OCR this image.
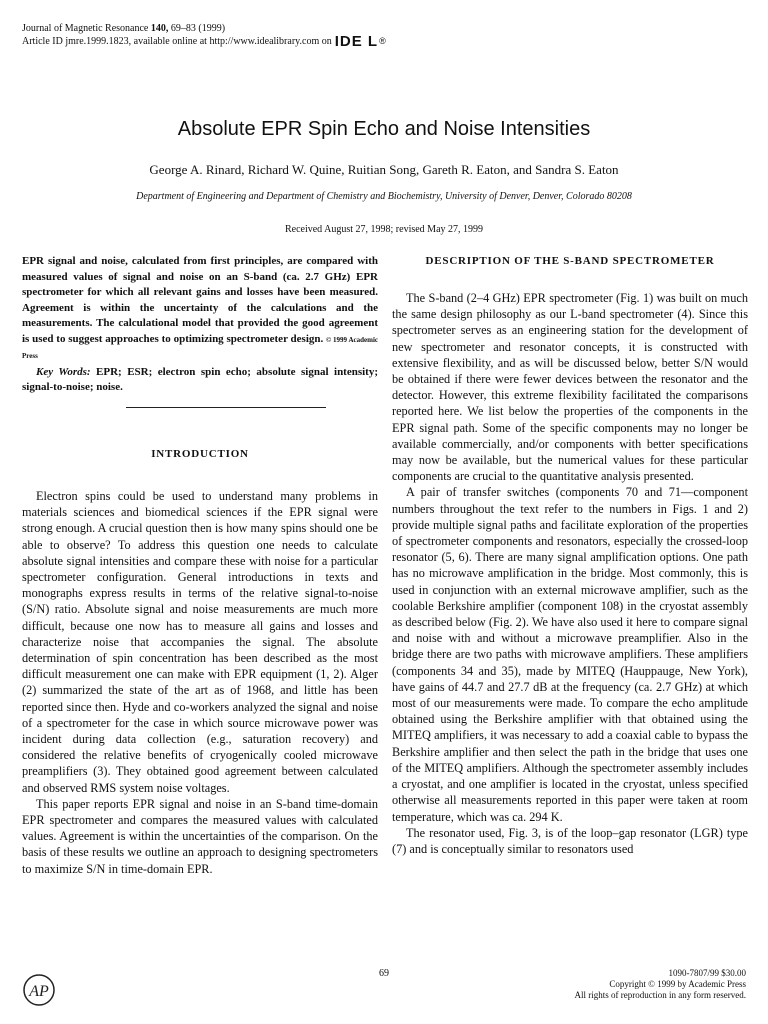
Journal of Magnetic Resonance 140, 69–83 (1999)
Article ID jmre.1999.1823, available online at http://www.idealibrary.com on IDE L ®
Absolute EPR Spin Echo and Noise Intensities
George A. Rinard, Richard W. Quine, Ruitian Song, Gareth R. Eaton, and Sandra S. Eaton
Department of Engineering and Department of Chemistry and Biochemistry, University of Denver, Denver, Colorado 80208
Received August 27, 1998; revised May 27, 1999

EPR signal and noise, calculated from first principles, are compared with measured values of signal and noise on an S-band (ca. 2.7 GHz) EPR spectrometer for which all relevant gains and losses have been measured. Agreement is within the uncertainty of the calculations and the measurements. The calculational model that provided the good agreement is used to suggest approaches to optimizing spectrometer design. © 1999 Academic Press

Key Words: EPR; ESR; electron spin echo; absolute signal intensity; signal-to-noise; noise.

INTRODUCTION

Electron spins could be used to understand many problems in materials sciences and biomedical sciences if the EPR signal were strong enough. A crucial question then is how many spins should one be able to observe? To address this question one needs to calculate absolute signal intensities and compare these with noise for a particular spectrometer configuration. General introductions in texts and monographs express results in terms of the relative signal-to-noise (S/N) ratio. Absolute signal and noise measurements are much more difficult, because one now has to measure all gains and losses and characterize noise that accompanies the signal. The absolute determination of spin concentration has been described as the most difficult measurement one can make with EPR equipment (1, 2). Alger (2) summarized the state of the art as of 1968, and little has been reported since then. Hyde and co-workers analyzed the signal and noise of a spectrometer for the case in which source microwave power was incident during data collection (e.g., saturation recovery) and considered the relative benefits of cryogenically cooled microwave preamplifiers (3). They obtained good agreement between calculated and observed RMS system noise voltages.

This paper reports EPR signal and noise in an S-band time-domain EPR spectrometer and compares the measured values with calculated values. Agreement is within the uncertainties of the comparison. On the basis of these results we outline an approach to designing spectrometers to maximize S/N in time-domain EPR.

DESCRIPTION OF THE S-BAND SPECTROMETER

The S-band (2–4 GHz) EPR spectrometer (Fig. 1) was built on much the same design philosophy as our L-band spectrometer (4). Since this spectrometer serves as an engineering station for the development of new spectrometer and resonator concepts, it is constructed with extensive flexibility, and as will be discussed below, better S/N would be obtained if there were fewer devices between the resonator and the detector. However, this extreme flexibility facilitated the comparisons reported here. We list below the properties of the components in the EPR signal path. Some of the specific components may no longer be available commercially, and/or components with better specifications may now be available, but the numerical values for these particular components are crucial to the quantitative analysis presented.

A pair of transfer switches (components 70 and 71—component numbers throughout the text refer to the numbers in Figs. 1 and 2) provide multiple signal paths and facilitate exploration of the properties of spectrometer components and resonators, especially the crossed-loop resonator (5, 6). There are many signal amplification options. One path has no microwave amplification in the bridge. Most commonly, this is used in conjunction with an external microwave amplifier, such as the coolable Berkshire amplifier (component 108) in the cryostat assembly as described below (Fig. 2). We have also used it here to compare signal and noise with and without a microwave preamplifier. Also in the bridge there are two paths with microwave amplifiers. These amplifiers (components 34 and 35), made by MITEQ (Hauppauge, New York), have gains of 44.7 and 27.7 dB at the frequency (ca. 2.7 GHz) at which most of our measurements were made. To compare the echo amplitude obtained using the Berkshire amplifier with that obtained using the MITEQ amplifiers, it was necessary to add a coaxial cable to bypass the Berkshire amplifier and then select the path in the bridge that uses one of the MITEQ amplifiers. Although the spectrometer assembly includes a cryostat, and one amplifier is located in the cryostat, unless specified otherwise all measurements reported in this paper were taken at room temperature, which was ca. 294 K.

The resonator used, Fig. 3, is of the loop–gap resonator (LGR) type (7) and is conceptually similar to resonators used

AP
69	1090-7807/99 $30.00
Copyright © 1999 by Academic Press
All rights of reproduction in any form reserved.
